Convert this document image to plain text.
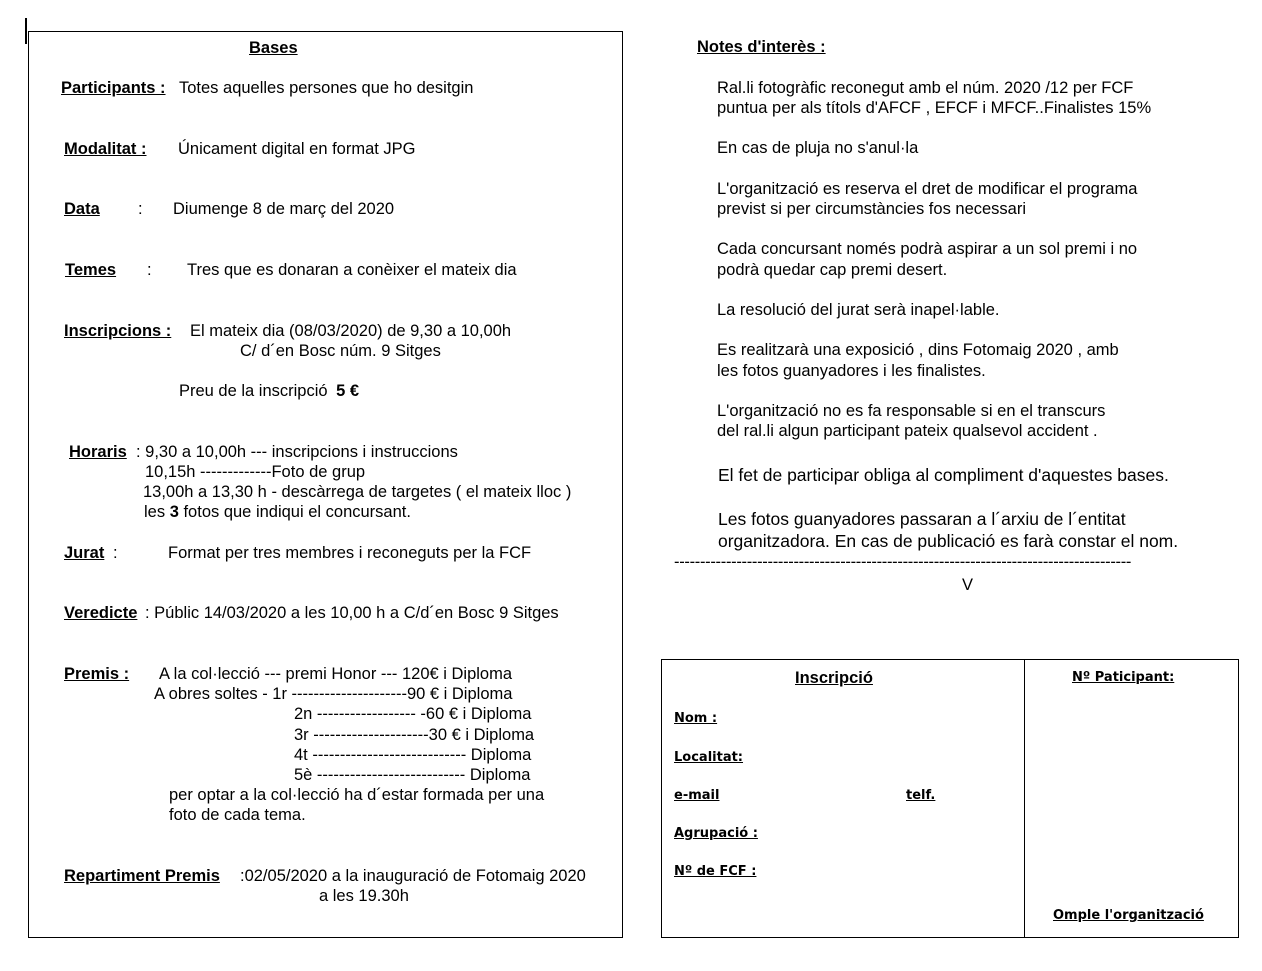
Bases
Participants : Totes aquelles persones que ho desitgin
Modalitat : Únicament digital en format JPG
Data : Diumenge 8 de març del 2020
Temes : Tres que es donaran a conèixer el mateix dia
Inscripcions : El mateix dia (08/03/2020) de 9,30 a 10,00h
C/ d´en Bosc núm. 9 Sitges
Preu de la inscripció 5 €
Horaris : 9,30 a 10,00h --- inscripcions i instruccions
10,15h -------------Foto de grup
13,00h a 13,30 h - descàrrega de targetes ( el mateix lloc )
les 3 fotos que indiqui el concursant.
Jurat :	Format per tres membres i reconeguts per la FCF
Veredicte : Públic 14/03/2020 a les 10,00 h a C/d´en Bosc 9 Sitges
Premis : A la col·lecció --- premi Honor --- 120€ i Diploma
A obres soltes - 1r ---------------------90 € i Diploma
2n ------------------ -60 € i Diploma
3r ---------------------30 € i Diploma
4t ---------------------------- Diploma
5è --------------------------- Diploma
per optar a la col·lecció ha d´estar formada per una
foto de cada tema.
Repartiment Premis :02/05/2020 a la inauguració de Fotomaig 2020
a les 19.30h
Notes d'interès :
Ral.li fotogràfic reconegut amb el núm. 2020 /12 per FCF
puntua per als títols d'AFCF , EFCF i MFCF..Finalistes 15%
En cas de pluja no s'anul·la
L'organització es reserva el dret de modificar el programa
previst si per circumstàncies fos necessari
Cada concursant només podrà aspirar a un sol premi i no
podrà quedar cap premi desert.
La resolució del jurat serà inapel·lable.
Es realitzarà una exposició , dins Fotomaig 2020 , amb
les fotos guanyadores i les finalistes.
L'organització no es fa responsable si en el transcurs
del ral.li algun participant pateix qualsevol accident .
El fet de participar obliga al compliment d'aquestes bases.
Les fotos guanyadores passaran a l´arxiu de l´entitat
organitzadora. En cas de publicació es farà constar el nom.
----------------------------------------------------------------------------------------
V
Inscripció
Nom :
Localitat:
e-mail	telf.
Agrupació :
Nº de FCF :
Nº Paticipant:
Omple l'organització
